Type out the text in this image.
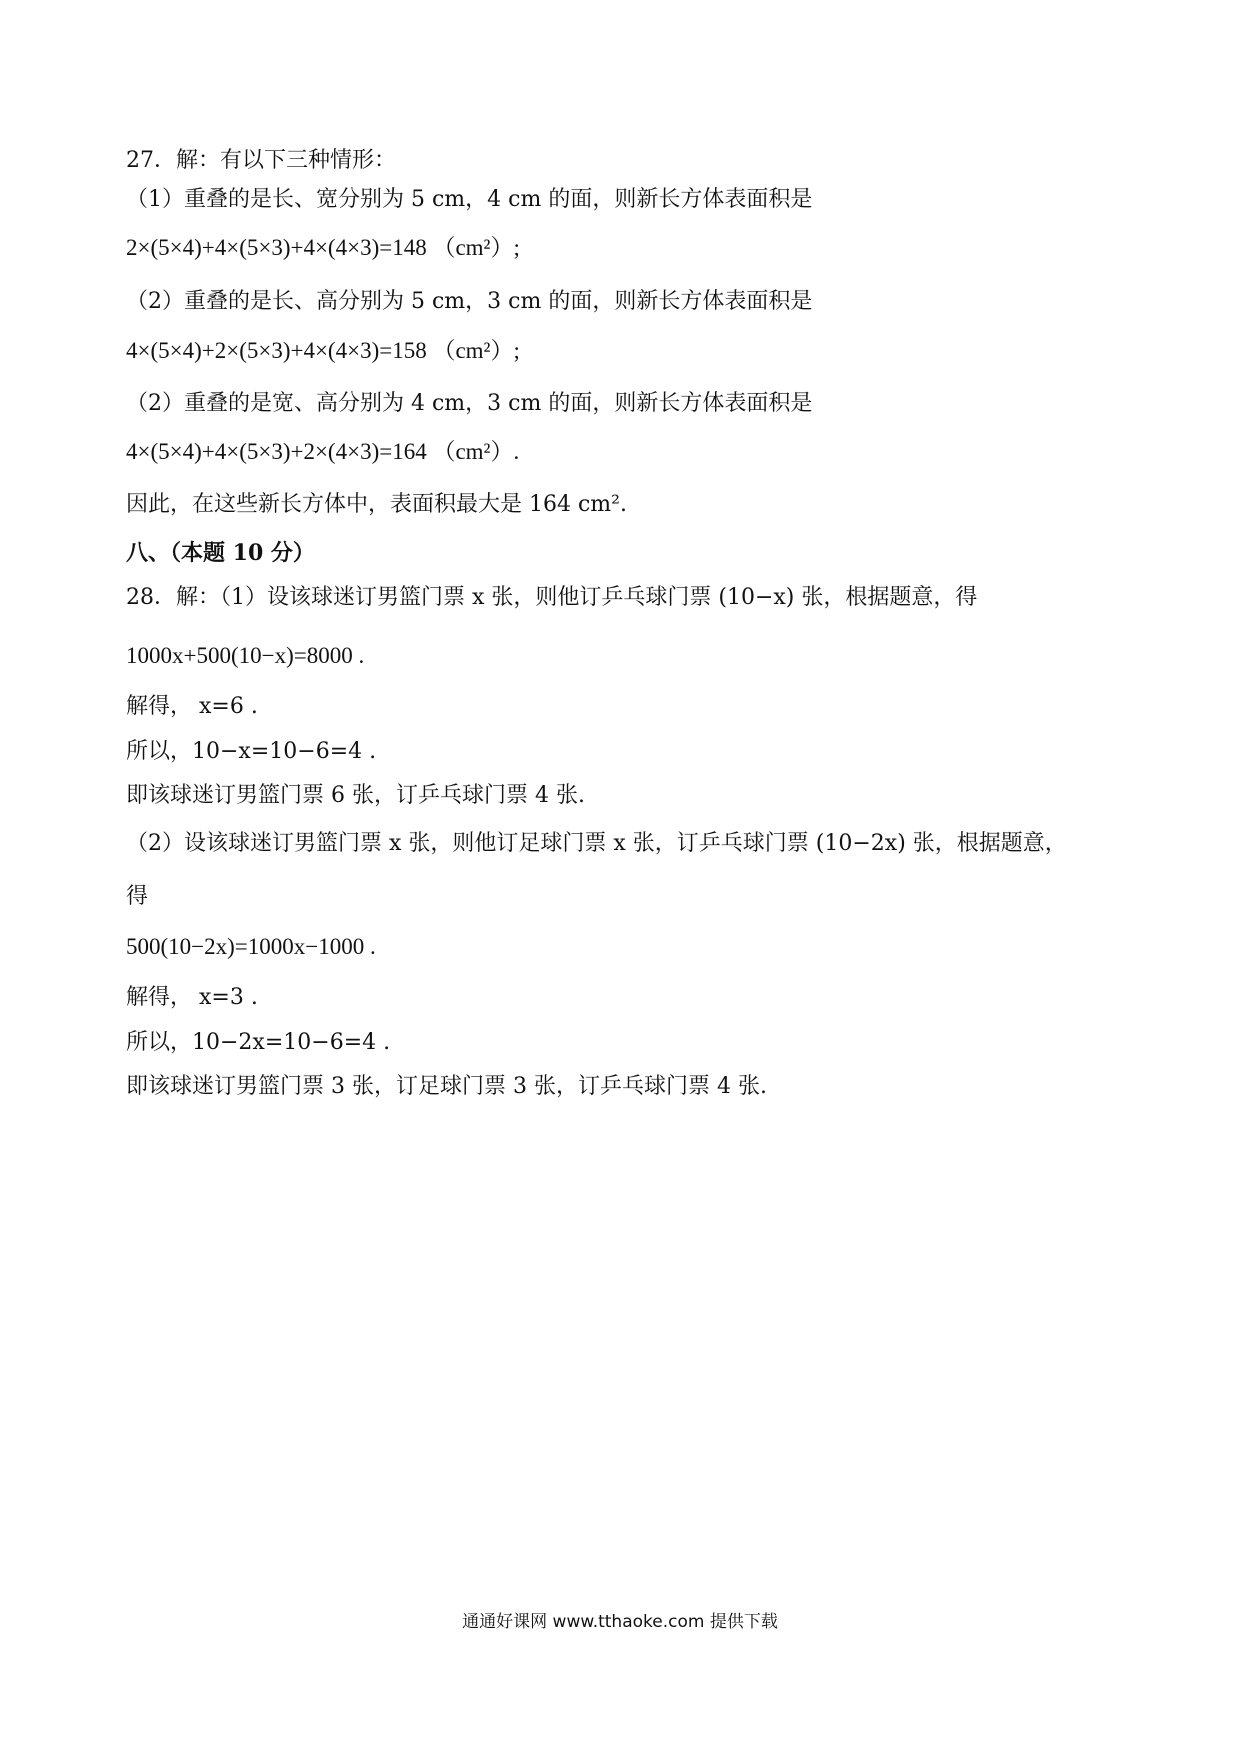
27．解：有以下三种情形：
（1）重叠的是长、宽分别为 5 cm，4 cm 的面，则新长方体表面积是
2×(5×4)+4×(5×3)+4×(4×3)=148 （cm²）;
（2）重叠的是长、高分别为 5 cm，3 cm 的面，则新长方体表面积是
4×(5×4)+2×(5×3)+4×(4×3)=158 （cm²）;
（2）重叠的是宽、高分别为 4 cm，3 cm 的面，则新长方体表面积是
4×(5×4)+4×(5×3)+2×(4×3)=164 （cm²）.
因此，在这些新长方体中，表面积最大是 164 cm².
八、（本题 10 分）
28．解：（1）设该球迷订男篮门票 x 张，则他订乒乓球门票 (10−x) 张，根据题意，得
1000x+500(10−x)=8000 .
解得， x=6 .
所以，10−x=10−6=4 .
即该球迷订男篮门票 6 张，订乒乓球门票 4 张.
（2）设该球迷订男篮门票 x 张，则他订足球门票 x 张，订乒乓球门票 (10−2x) 张，根据题意，
得
500(10−2x)=1000x−1000 .
解得， x=3 .
所以，10−2x=10−6=4 .
即该球迷订男篮门票 3 张，订足球门票 3 张，订乒乓球门票 4 张.
通通好课网 www.tthaoke.com 提供下载
